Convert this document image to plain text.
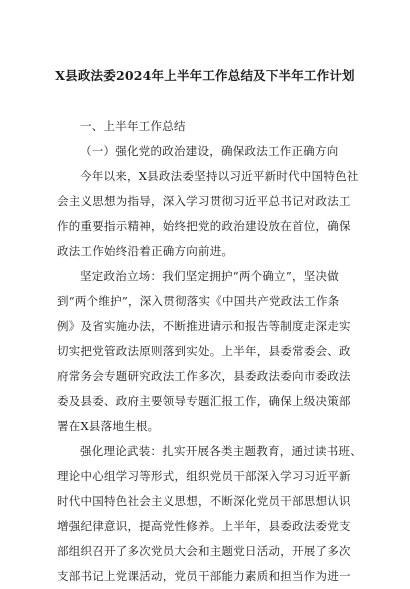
X县政法委2024年上半年工作总结及下半年工作计划
一、上半年工作总结
（一）强化党的政治建设，确保政法工作正确方向
今年以来，X县政法委坚持以习近平新时代中国特色社
会主义思想为指导，深入学习贯彻习近平总书记对政法工
作的重要指示精神，始终把党的政治建设放在首位，确保
政法工作始终沿着正确方向前进。
坚定政治立场：我们坚定拥护“两个确立”，坚决做
到“两个维护”，深入贯彻落实《中国共产党政法工作条
例》及省实施办法，不断推进请示和报告等制度走深走实
切实把党管政法原则落到实处。上半年，县委常委会、政
府常务会专题研究政法工作多次，县委政法委向市委政法
委及县委、政府主要领导专题汇报工作，确保上级决策部
署在X县落地生根。
强化理论武装：扎实开展各类主题教育，通过读书班、
理论中心组学习等形式，组织党员干部深入学习习近平新
时代中国特色社会主义思想，不断深化党员干部思想认识
增强纪律意识，提高党性修养。上半年，县委政法委党支
部组织召开了多次党员大会和主题党日活动，开展了多次
支部书记上党课活动，党员干部能力素质和担当作为进一
